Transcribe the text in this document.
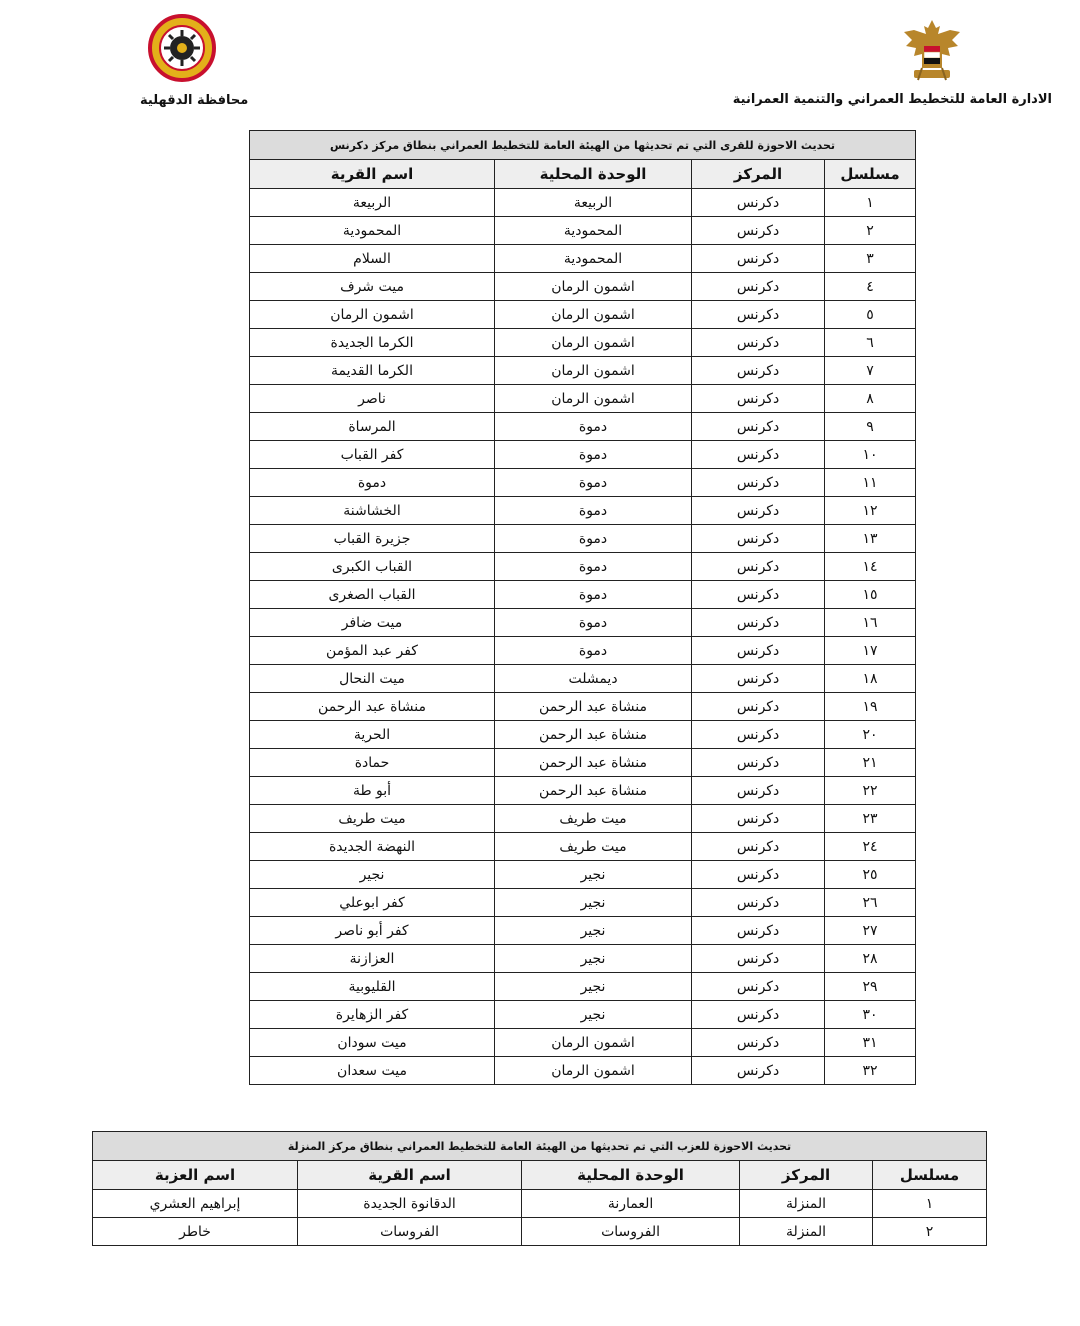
الادارة العامة للتخطيط العمراني والتنمية العمرانية
محافظة الدقهلية
تحديث الاحوزة للقرى التي تم تحديثها من الهيئة العامة للتخطيط العمراني بنطاق مركز دكرنس			
مسلسل	المركز	الوحدة المحلية	اسم القرية
١	دكرنس	الربيعة	الربيعة
٢	دكرنس	المحمودية	المحمودية
٣	دكرنس	المحمودية	السلام
٤	دكرنس	اشمون الرمان	ميت شرف
٥	دكرنس	اشمون الرمان	اشمون الرمان
٦	دكرنس	اشمون الرمان	الكرما الجديدة
٧	دكرنس	اشمون الرمان	الكرما القديمة
٨	دكرنس	اشمون الرمان	ناصر
٩	دكرنس	دموة	المرساة
١٠	دكرنس	دموة	كفر القباب
١١	دكرنس	دموة	دموة
١٢	دكرنس	دموة	الخشاشنة
١٣	دكرنس	دموة	جزيرة القباب
١٤	دكرنس	دموة	القباب الكبرى
١٥	دكرنس	دموة	القباب الصغرى
١٦	دكرنس	دموة	ميت ضافر
١٧	دكرنس	دموة	كفر عبد المؤمن
١٨	دكرنس	ديمشلت	ميت النحال
١٩	دكرنس	منشاة عبد الرحمن	منشاة عبد الرحمن
٢٠	دكرنس	منشاة عبد الرحمن	الحرية
٢١	دكرنس	منشاة عبد الرحمن	حمادة
٢٢	دكرنس	منشاة عبد الرحمن	أبو طة
٢٣	دكرنس	ميت طريف	ميت طريف
٢٤	دكرنس	ميت طريف	النهضة الجديدة
٢٥	دكرنس	نجير	نجير
٢٦	دكرنس	نجير	كفر ابوعلي
٢٧	دكرنس	نجير	كفر أبو ناصر
٢٨	دكرنس	نجير	العزازنة
٢٩	دكرنس	نجير	القليوبية
٣٠	دكرنس	نجير	كفر الزهايرة
٣١	دكرنس	اشمون الرمان	ميت سودان
٣٢	دكرنس	اشمون الرمان	ميت سعدان
تحديث الاحوزة للعزب التي تم تحديثها من الهيئة العامة للتخطيط العمراني بنطاق مركز المنزلة				
مسلسل	المركز	الوحدة المحلية	اسم القرية	اسم العزبة
١	المنزلة	العمارنة	الدقانوة الجديدة	إبراهيم العشري
٢	المنزلة	الفروسات	الفروسات	خاطر
